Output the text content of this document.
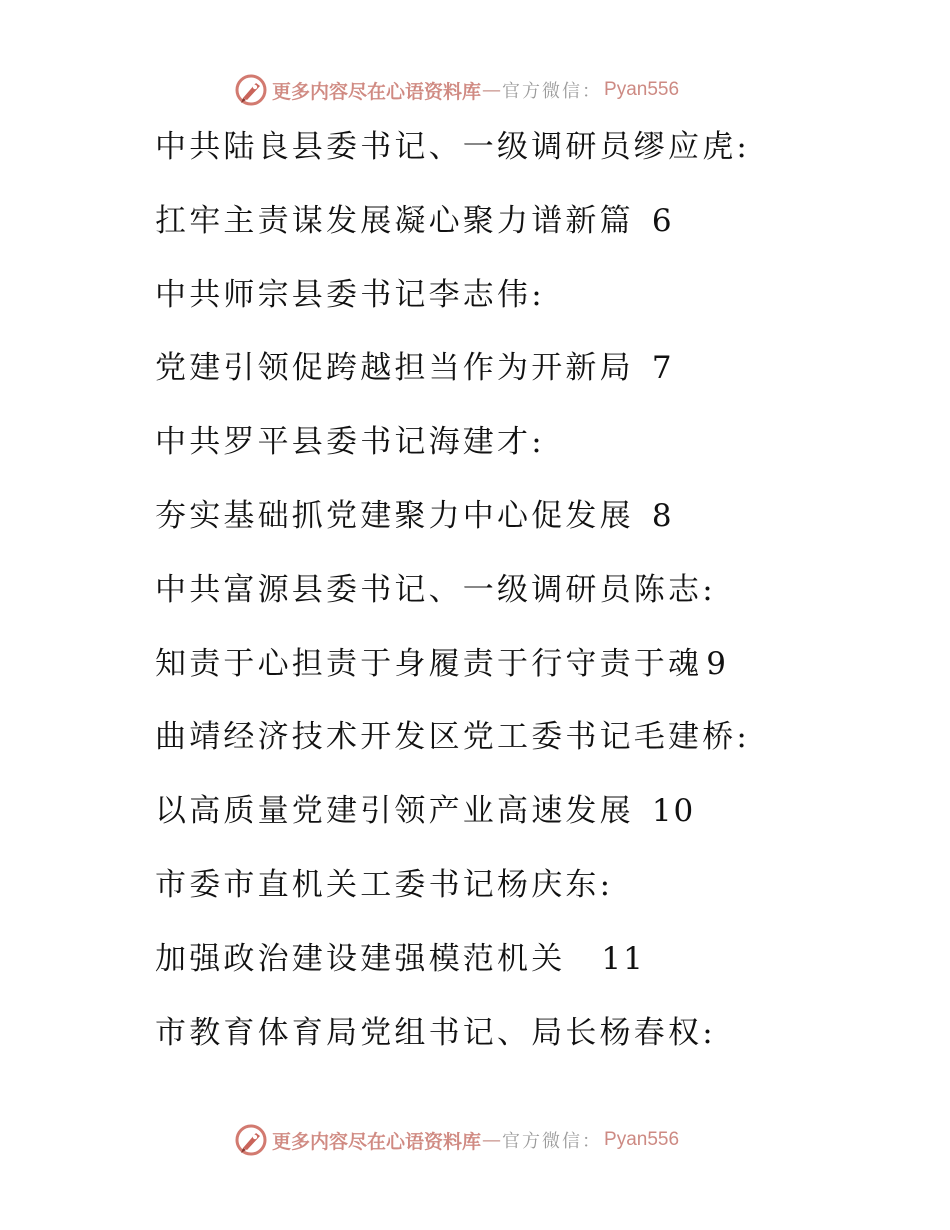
更多内容尽在心语资料库 — 官方微信： Pyan556
中共陆良县委书记、一级调研员缪应虎:
扛牢主责谋发展凝心聚力谱新篇 6
中共师宗县委书记李志伟:
党建引领促跨越担当作为开新局 7
中共罗平县委书记海建才:
夯实基础抓党建聚力中心促发展 8
中共富源县委书记、一级调研员陈志:
知责于心担责于身履责于行守责于魂 9
曲靖经济技术开发区党工委书记毛建桥:
以高质量党建引领产业高速发展 10
市委市直机关工委书记杨庆东:
加强政治建设建强模范机关 11
市教育体育局党组书记、局长杨春权:
更多内容尽在心语资料库 — 官方微信： Pyan556
